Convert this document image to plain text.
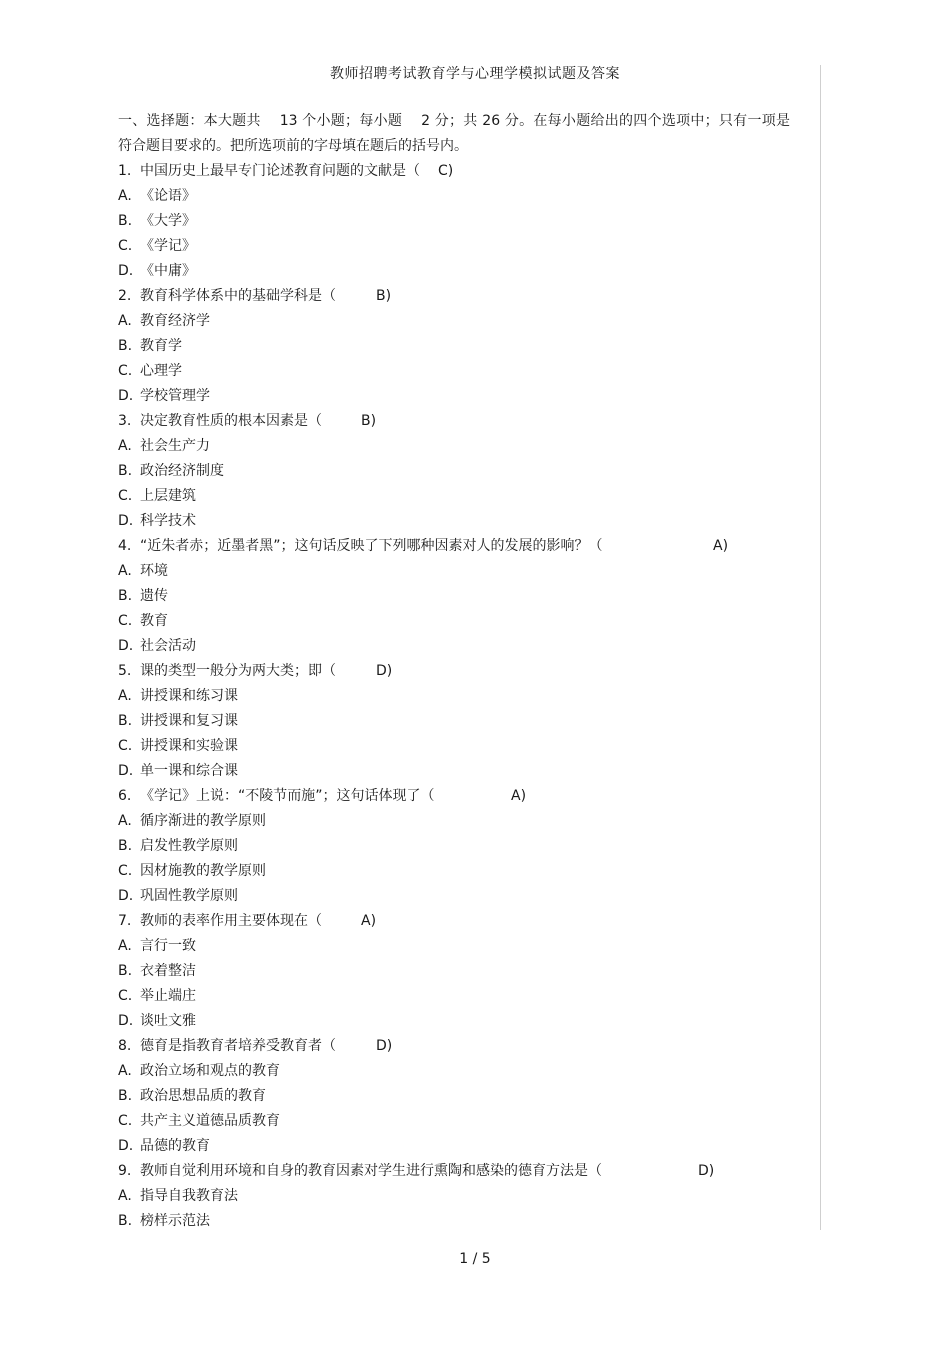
教师招聘考试教育学与心理学模拟试题及答案

一、选择题：本大题共　 13 个小题；每小题　 2 分；共 26 分。在每小题给出的四个选项中；只有一项是符合题目要求的。把所选项前的字母填在题后的括号内。

1. 中国历史上最早专门论述教育问题的文献是（ C)
A. 《论语》
B. 《大学》
C. 《学记》
D. 《中庸》
2. 教育科学体系中的基础学科是（	B)
A. 教育经济学
B. 教育学
C. 心理学
D. 学校管理学
3. 决定教育性质的根本因素是（	B)
A. 社会生产力
B. 政治经济制度
C. 上层建筑
D. 科学技术
4. “近朱者赤；近墨者黑”；这句话反映了下列哪种因素对人的发展的影响？（	A)
A. 环境
B. 遗传
C. 教育
D. 社会活动
5. 课的类型一般分为两大类；即（	D)
A. 讲授课和练习课
B. 讲授课和复习课
C. 讲授课和实验课
D. 单一课和综合课
6. 《学记》上说：“不陵节而施”；这句话体现了（	A)
A. 循序渐进的教学原则
B. 启发性教学原则
C. 因材施教的教学原则
D. 巩固性教学原则
7. 教师的表率作用主要体现在（	A)
A. 言行一致
B. 衣着整洁
C. 举止端庄
D. 谈吐文雅
8. 德育是指教育者培养受教育者（	D)
A. 政治立场和观点的教育
B. 政治思想品质的教育
C. 共产主义道德品质教育
D. 品德的教育
9. 教师自觉利用环境和自身的教育因素对学生进行熏陶和感染的德育方法是（	D)
A. 指导自我教育法
B. 榜样示范法
1 / 5
